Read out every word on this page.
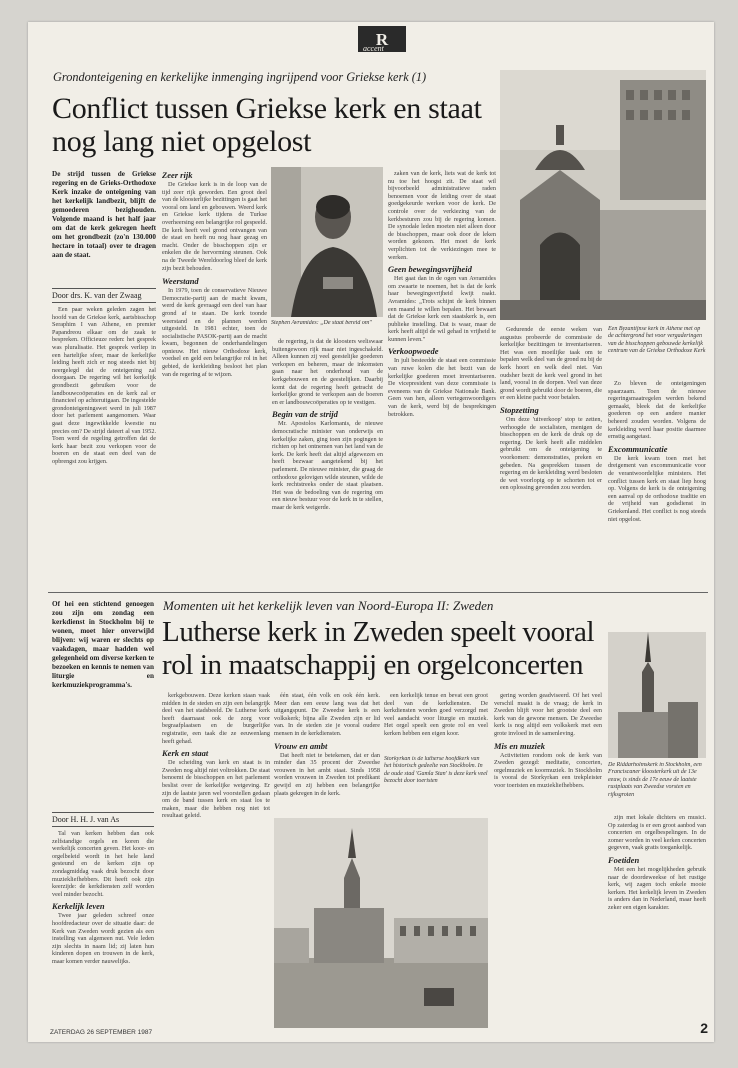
R
accent
Grondonteigening en kerkelijke inmenging ingrijpend voor Griekse kerk (1)
Conflict tussen Griekse kerk en staat nog lang niet opgelost
De strijd tussen de Griekse regering en de Grieks-Orthodoxe Kerk inzake de onteigening van het kerkelijk landbezit, blijft de gemoederen bezighouden. Volgende maand is het half jaar om dat de kerk gekregen heeft om het grondbezit (zo'n 130.000 hectare in totaal) over te dragen aan de staat.
Door drs. K. van der Zwaag

Een paar weken geleden zagen het hoofd van de Griekse kerk, aartsbisschop Seraphim I van Athene, en premier Papandreou elkaar om de zaak te bespreken. Officieuze reden: het gesprek was pluralisatie. Het gesprek verliep in een hartelijke sfeer, maar de kerkelijke leiding heeft zich er nog steeds niet bij neergelegd dat de onteigening zal doorgaan. De regering wil het kerkelijk grondbezit gebruiken voor de landbouwcoöperaties en de kerk zal er financieel op achteruitgaan. De ingestelde grondonteigeningswet werd in juli 1987 door het parlement aangenomen. Waar gaat deze ingewikkelde kwestie nu precies om? De strijd dateert al van 1952. Toen werd de regeling getroffen dat de kerk haar bezit zou verkopen voor de boeren en de staat een deel van de opbrengst zou krijgen.

Zeer rijk

De Griekse kerk is in de loop van de tijd zeer rijk geworden. Een groot deel van de kloosterlijke bezittingen is gaat het vooral om land en gebouwen. Weerd kerk en Griekse kerk tijdens de Turkse overheersing een belangrijke rol gespeeld. De kerk heeft veel grond ontvangen van de staat en heeft nu nog haar gezag en macht. Onder de bisschoppen zijn er enkelen die de hervorming steunen. Ook na de Tweede Wereldoorlog bleef de kerk zijn bezit behouden.

Weerstand

In 1979, toen de conservatieve Nieuwe Democratie-partij aan de macht kwam, werd de kerk gevraagd een deel van haar grond af te staan. De kerk toonde weerstand en de plannen werden uitgesteld. In 1981 echter, toen de socialistische PASOK-partij aan de macht kwam, begonnen de onderhandelingen opnieuw. Het nieuw Orthodoxe kerk, voedsel en geld een belangrijke rol in het gebied, de kerkleiding besloot het plan van de regering af te wijzen.

Stephen Avramides: „De staat bereid om"

de regering, is dat de kloosters weliswaar buitengewoon rijk maar niet ingeschakeld. Alleen kunnen zij veel geestelijke goederen verkopen en beheren, maar de inkomsten gaan naar het onderhoud van de kerkgebouwen en de geestelijken. Daarbij komt dat de regering heeft getracht de kerkelijke grond te verkopen aan de boeren en er landbouwcoöperaties op te vestigen.

Begin van de strijd

Mr. Apostolos Karlomanis, de nieuwe democratische minister van onderwijs en kerkelijke zaken, ging toen zijn pogingen te richten op het ontnemen van het land van de kerk. De kerk heeft dat altijd afgewezen en heeft bezwaar aangetekend bij het parlement. De nieuwe minister, die graag de orthodoxe gelovigen wilde steunen, wilde de kerk rechtstreeks onder de staat plaatsen. Het was de bedoeling van de regering om een nieuw bestuur voor de kerk in te stellen, maar de kerk weigerde.

zaken van de kerk, liets wat de kerk tot nu toe het hoogst zit. De staat wil bijvoorbeeld administratieve raden benoemen voor de leiding over de staat goedgekeurde werken voor de kerk. De controle over de verkiezing van de kerkbesturen zou bij de regering komen. De synodale leden moeten niet alleen door de bisschoppen, maar ook door de leken worden gekozen. Het moet de kerk verplichten tot de verkiezingen mee te werken.

Geen bewegingsvrijheid

Het gaat dan in de ogen van Avramides om zwaarte te noemen, het is dat de kerk haar bewegingsvrijheid kwijt raakt. Avramides: „Trots schijnt de kerk binnen een maand te willen bepalen. Het bewaart dat de Griekse kerk een staatskerk is, een publieke instelling. Dat is waar, maar de kerk heeft altijd de wil gehad in vrijheid te kunnen leven."

Verkoopwoede

In juli besteedde de staat een commissie van ruwe kolen die het bezit van de kerkelijke goederen moet inventariseren. De vicepresident van deze commissie is eveneens van de Griekse Nationale Bank. Geen van hen, alleen vertegenwoordigers van de kerk, werd bij de besprekingen betrokken.

Gedurende de eerste weken van augustus probeerde de commissie de kerkelijke bezittingen te inventariseren. Het was een moeilijke taak om te bepalen welk deel van de grond nu bij de kerk hoort en welk deel niet. Van oudsher bezit de kerk veel grond in het land, vooral in de dorpen. Veel van deze grond wordt gebruikt door de boeren, die er een kleine pacht voor betalen.

Stopzetting

Om deze 'uitverkoop' stop te zetten, verhoogde de socialisten, menigen de bisschoppen en de kerk de druk op de regering. De kerk heeft alle middelen gebruikt om de onteigening te voorkomen: demonstraties, preken en gebeden. Na gesprekken tussen de regering en de kerkleiding werd besloten de wet voorlopig op te schorten tot er een oplossing gevonden zou worden.

Een Byzantijnse kerk in Athene met op de achtergrond het voor vergaderingen van de bisschoppen gebouwde kerkelijk centrum van de Griekse Orthodoxe Kerk

Zo bleven de onteigeningen spaarzaam. Toen de nieuwe regeringsmaatregelen werden bekend gemaakt, bleek dat de kerkelijke goederen op een andere manier beheerd zouden worden. Volgens de kerkleiding werd haar positie daarmee ernstig aangetast.

Excommunicatie

De kerk kwam toen met het dreigement van excommunicatie voor de verantwoordelijke ministers. Het conflict tussen kerk en staat liep hoog op. Volgens de kerk is de onteigening een aanval op de orthodoxe traditie en de vrijheid van godsdienst in Griekenland. Het conflict is nog steeds niet opgelost.

Of hei een stichtend genoegen zou zijn om zondag een kerkdienst in Stockholm bij te wonen, moet hier onverwijld blijven: wij waren er slechts op vaakdagen, maar hadden wel gelegenheid om diverse kerken te bezoeken en kennis te nemen van liturgie en kerkmuziekprogramma's.
Door H. H. J. van As

Tal van kerken hebben dan ook zelfstandige orgels en koren die werkelijk concerten geven. Het koor- en orgelbeleid wordt in het hele land gesteund en de kerken zijn op zondagmiddag vaak druk bezocht door muziekliefhebbers. Dit heeft ook zijn keerzijde: de kerkdiensten zelf worden veel minder bezocht.

Kerkelijk leven

Twee jaar geleden schreef onze hoofdredacteur over de situatie daar: de Kerk van Zweden wordt gezien als een instelling van algemeen nut. Vele leden zijn slechts in naam lid; zij laten hun kinderen dopen en trouwen in de kerk, maar komen verder nauwelijks.

Momenten uit het kerkelijk leven van Noord-Europa II: Zweden
Lutherse kerk in Zweden speelt vooral rol in maatschappij en orgelconcerten

kerkgebouwen. Deze kerken staan vaak midden in de steden en zijn een belangrijk deel van het stadsbeeld. De Lutherse kerk heeft daarnaast ook de zorg voor begraafplaatsen en de burgerlijke registratie, een taak die ze eeuwenlang heeft gehad.

Kerk en staat

De scheiding van kerk en staat is in Zweden nog altijd niet voltrokken. De staat benoemt de bisschoppen en het parlement beslist over de kerkelijke wetgeving. Er zijn de laatste jaren wel voorstellen gedaan om de band tussen kerk en staat los te maken, maar die hebben nog niet tot resultaat geleid.

één staat, één volk en ook één kerk. Meer dan een eeuw lang was dat het uitgangspunt. De Zweedse kerk is een volkskerk; bijna alle Zweden zijn er lid van. In de steden zie je vooral oudere mensen in de kerkdiensten.

Vrouw en ambt

Dat heeft niet te betekenen, dat er dan minder dan 35 procent der Zweedse vrouwen in het ambt staat. Sinds 1958 worden vrouwen in Zweden tot predikant gewijd en zij hebben een belangrijke plaats gekregen in de kerk.

een kerkelijk tenue en bevat een groot deel van de kerkdiensten. De kerkdiensten worden goed verzorgd met veel aandacht voor liturgie en muziek. Het orgel speelt een grote rol en veel kerken hebben een eigen koor.

Storkyrkan is de lutherse hoofdkerk van het historisch gedeelte van Stockholm. In de oude stad 'Gamla Stan' is deze kerk veel bezocht door toeristen

gering worden geadviseerd. Of het veel verschil maakt is de vraag; de kerk in Zweden blijft voor het grootste deel een kerk van de gewone mensen. De Zweedse kerk is nog altijd een volkskerk met een grote invloed in de samenleving.

Mis en muziek

Activiteiten rondom ook de kerk van Zweden gezegd: meditatie, concerten, orgelmuziek en koormuziek. In Stockholm is vooral de Storkyrkan een trekpleister voor toeristen en muziekliefhebbers.

De Riddarholmskerk in Stockholm, een Franciscaner kloosterkerk uit de 13e eeuw, is sinds de 17e eeuw de laatste rustplaats van Zweedse vorsten en rijksgroten

zijn met lokale dichters en musici. Op zaterdag is er een groot aanbod van concerten en orgelbespelingen. In de zomer worden in veel kerken concerten gegeven, vaak gratis toegankelijk.

Foetiden

Met een het mogelijkheden gebruik naar de doordeweekse of het rustige kerk, wij zagen toch enkele mooie kerken. Het kerkelijk leven in Zweden is anders dan in Nederland, maar heeft zeker een eigen karakter.

ZATERDAG 26 SEPTEMBER 1987	2
